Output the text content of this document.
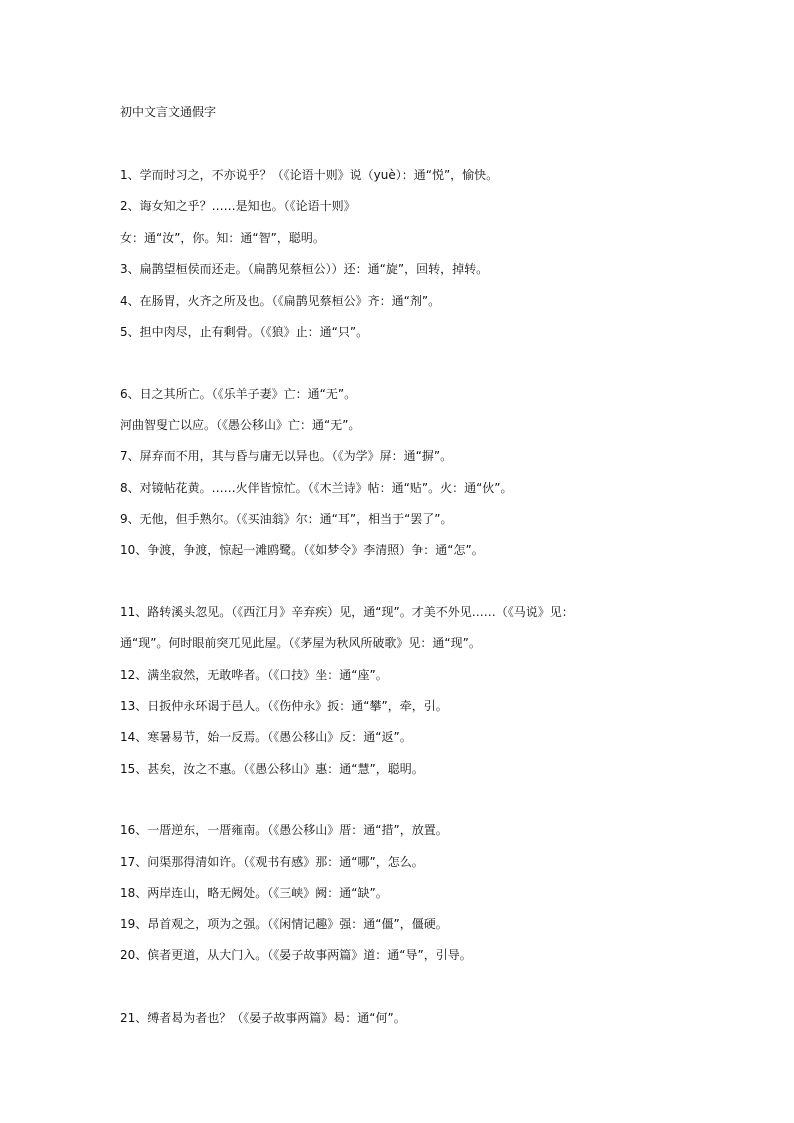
初中文言文通假字
1、学而时习之，不亦说乎？（《论语十则》说（yuè）：通“悦”，愉快。
2、诲女知之乎？……是知也。（《论语十则》
女：通“汝”，你。知：通“智”，聪明。
3、扁鹊望桓侯而还走。（扁鹊见蔡桓公））还：通“旋”，回转，掉转。
4、在肠胃，火齐之所及也。（《扁鹊见蔡桓公》齐：通“剂”。
5、担中肉尽，止有剩骨。（《狼》止：通“只”。
6、日之其所亡。（《乐羊子妻》亡：通“无”。
河曲智叟亡以应。（《愚公移山》亡：通“无”。
7、屏弃而不用，其与昏与庸无以异也。（《为学》屏：通“摒”。
8、对镜帖花黄。……火伴皆惊忙。（《木兰诗》帖：通“贴”。火：通“伙”。
9、无他，但手熟尔。（《买油翁》尔：通“耳”，相当于“罢了”。
10、争渡，争渡，惊起一滩鸥鹭。（《如梦令》李清照）争：通“怎”。
11、路转溪头忽见。（《西江月》辛弃疾）见，通“现”。才美不外见……（《马说》见：
通“现”。何时眼前突兀见此屋。（《茅屋为秋风所破歌》见：通“现”。
12、满坐寂然，无敢哗者。（《口技》坐：通“座”。
13、日扳仲永环谒于邑人。（《伤仲永》扳：通“攀”，牵，引。
14、寒暑易节，始一反焉。（《愚公移山》反：通“返”。
15、甚矣，汝之不惠。（《愚公移山》惠：通“慧”，聪明。
16、一厝逆东，一厝雍南。（《愚公移山》厝：通“措”，放置。
17、问渠那得清如许。（《观书有感》那：通“哪”，怎么。
18、两岸连山，略无阙处。（《三峡》阙：通“缺”。
19、昂首观之，项为之强。（《闲情记趣》强：通“僵”，僵硬。
20、傧者更道，从大门入。（《晏子故事两篇》道：通“导”，引导。
21、缚者曷为者也？（《晏子故事两篇》曷：通“何”。
